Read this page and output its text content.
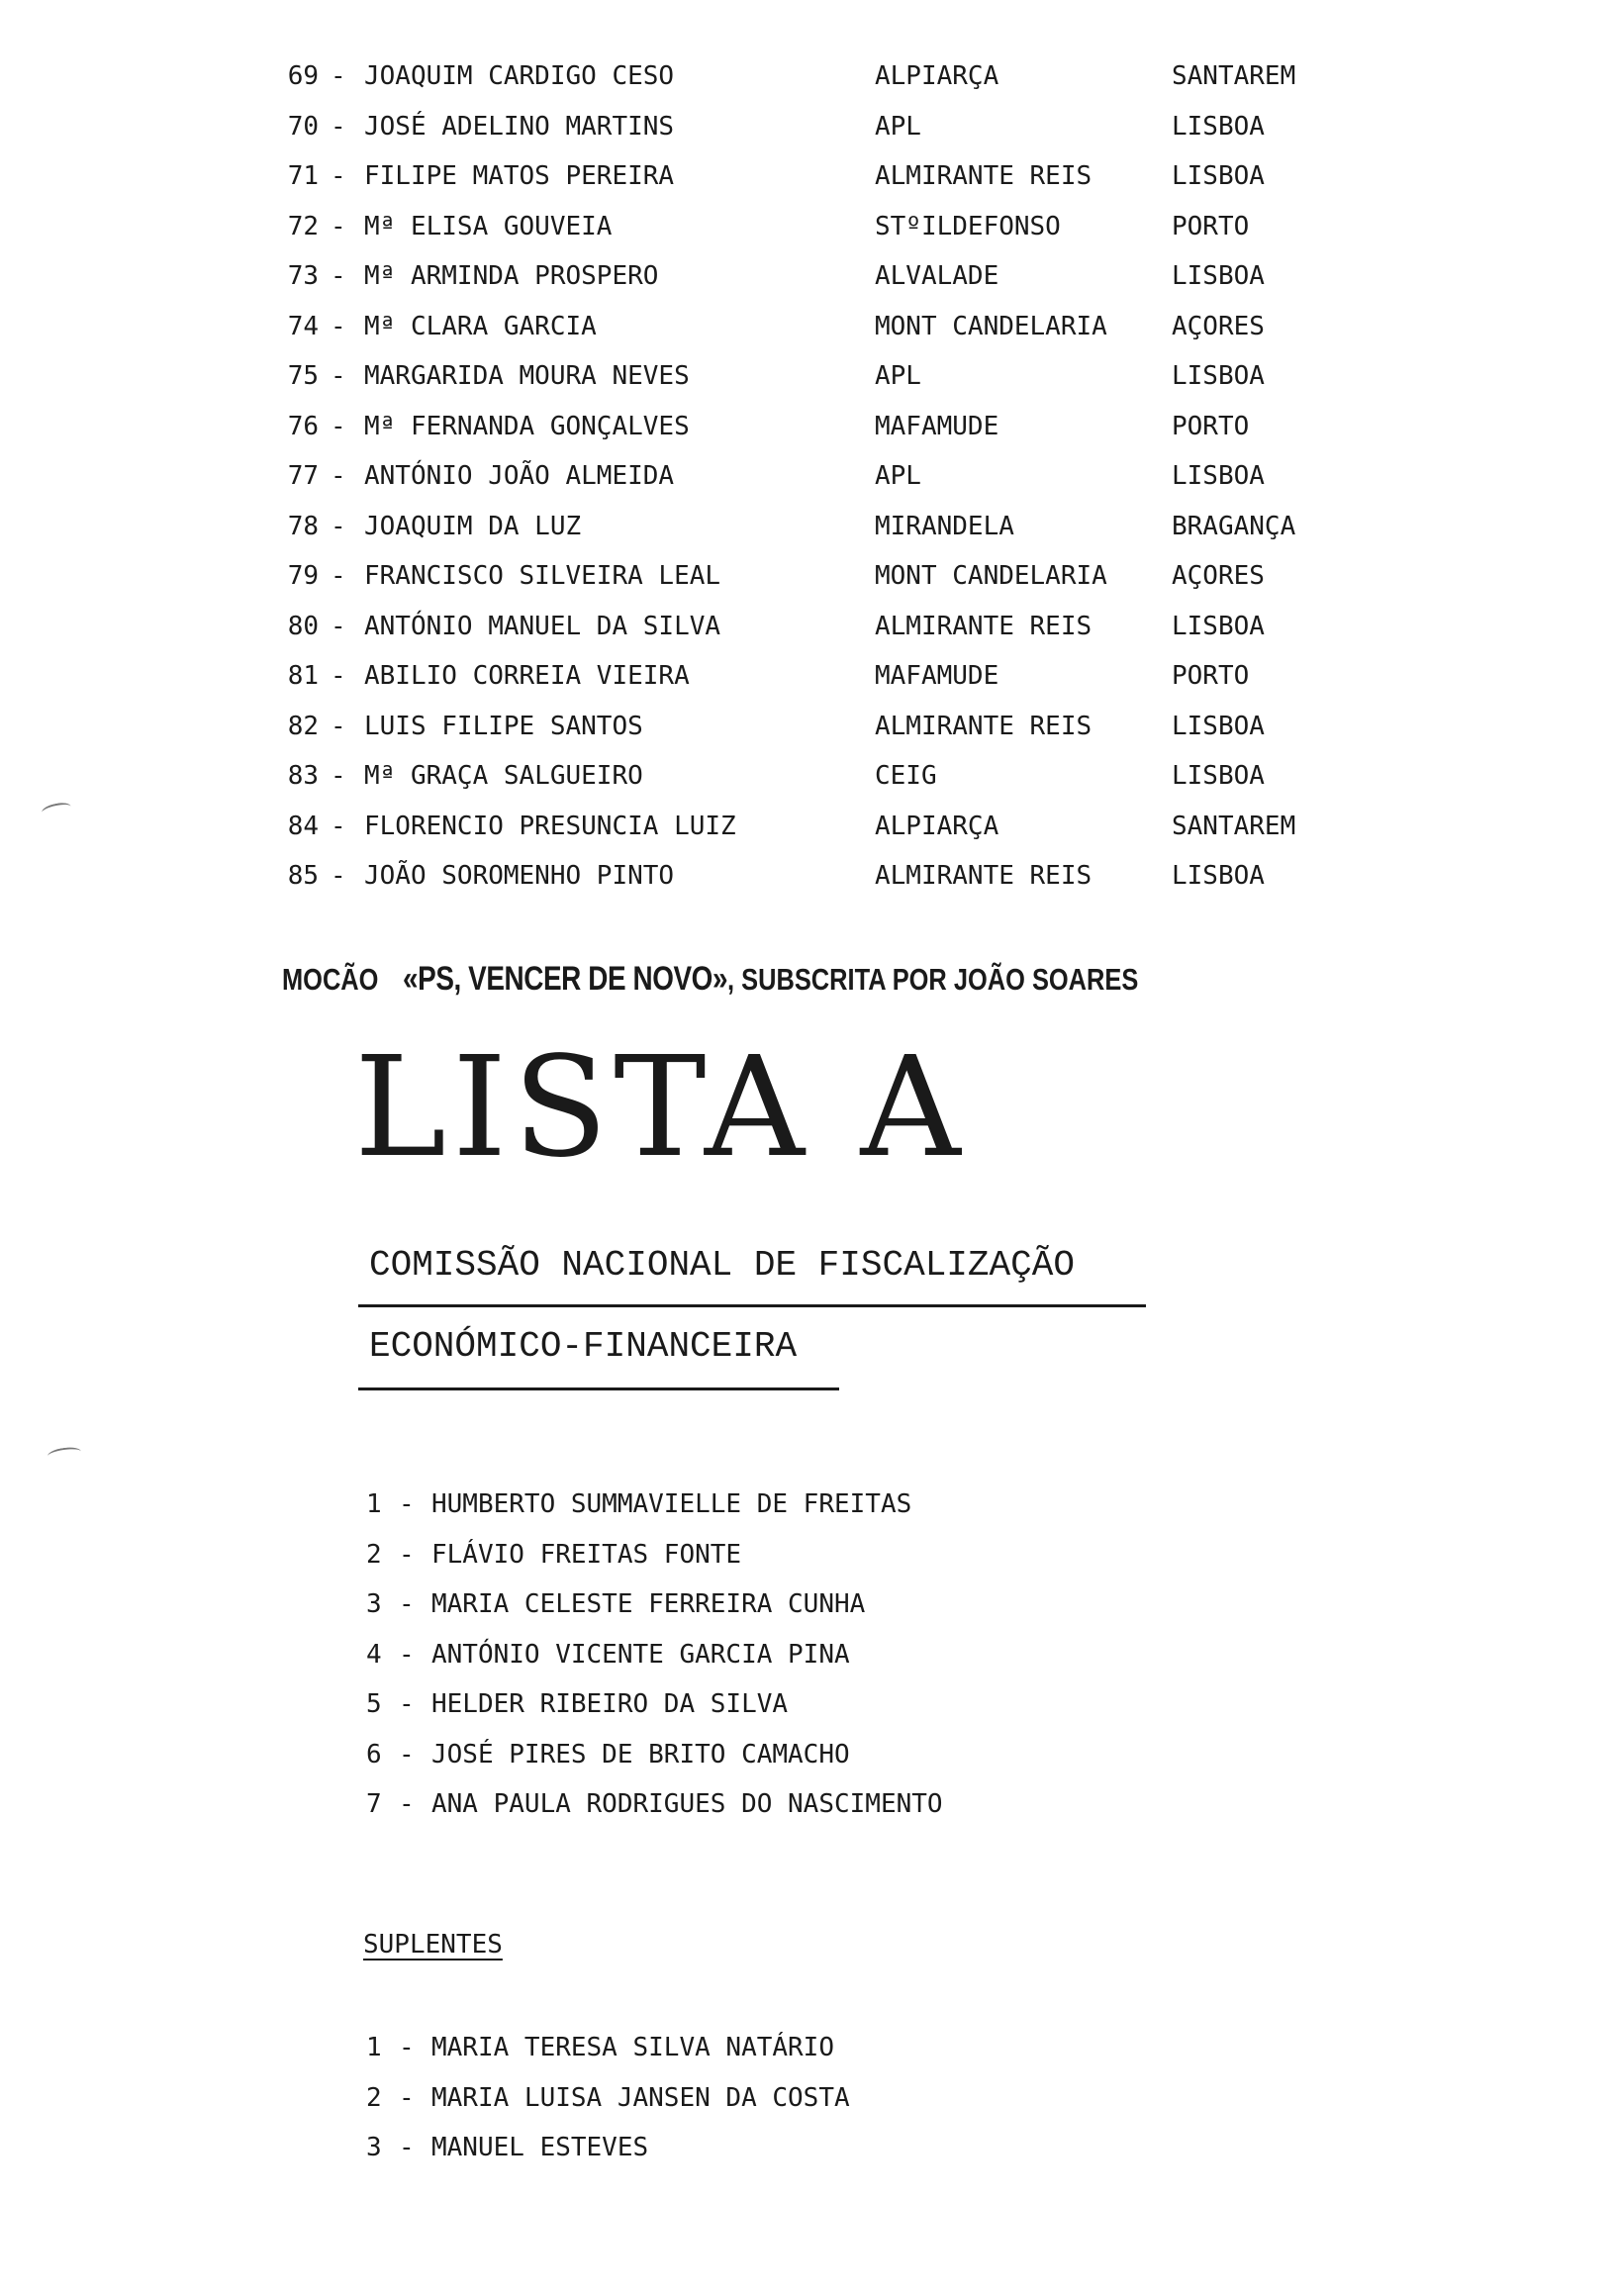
69 - JOAQUIM CARDIGO CESO	ALPIARÇA	SANTAREM
70 - JOSÉ ADELINO MARTINS	APL	LISBOA
71 - FILIPE MATOS PEREIRA	ALMIRANTE REIS	LISBOA
72 - Mª ELISA GOUVEIA	STºILDEFONSO	PORTO
73 - Mª ARMINDA PROSPERO	ALVALADE	LISBOA
74 - Mª CLARA GARCIA	MONT CANDELARIA	AÇORES
75 - MARGARIDA MOURA NEVES	APL	LISBOA
76 - Mª FERNANDA GONÇALVES	MAFAMUDE	PORTO
77 - ANTÓNIO JOÃO ALMEIDA	APL	LISBOA
78 - JOAQUIM DA LUZ	MIRANDELA	BRAGANÇA
79 - FRANCISCO SILVEIRA LEAL	MONT CANDELARIA	AÇORES
80 - ANTÓNIO MANUEL DA SILVA	ALMIRANTE REIS	LISBOA
81 - ABILIO CORREIA VIEIRA	MAFAMUDE	PORTO
82 - LUIS FILIPE SANTOS	ALMIRANTE REIS	LISBOA
83 - Mª GRAÇA SALGUEIRO	CEIG	LISBOA
84 - FLORENCIO PRESUNCIA LUIZ	ALPIARÇA	SANTAREM
85 - JOÃO SOROMENHO PINTO	ALMIRANTE REIS	LISBOA
MOCÃO «PS, VENCER DE NOVO», SUBSCRITA POR JOÃO SOARES
LISTA A
COMISSÃO NACIONAL DE FISCALIZAÇÃO
ECONÓMICO-FINANCEIRA
1 - HUMBERTO SUMMAVIELLE DE FREITAS
2 - FLÁVIO FREITAS FONTE
3 - MARIA CELESTE FERREIRA CUNHA
4 - ANTÓNIO VICENTE GARCIA PINA
5 - HELDER RIBEIRO DA SILVA
6 - JOSÉ PIRES DE BRITO CAMACHO
7 - ANA PAULA RODRIGUES DO NASCIMENTO
SUPLENTES
1 - MARIA TERESA SILVA NATÁRIO
2 - MARIA LUISA JANSEN DA COSTA
3 - MANUEL ESTEVES
